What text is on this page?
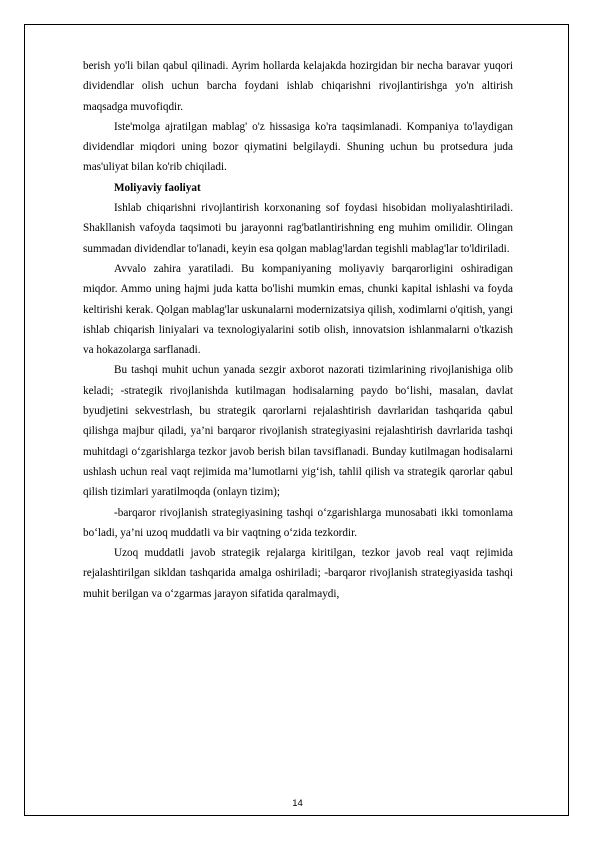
berish yo'li bilan qabul qilinadi. Ayrim hollarda kelajakda hozirgidan bir necha baravar yuqori dividendlar olish uchun barcha foydani ishlab chiqarishni rivojlantirishga yo'n altirish maqsadga muvofiqdir.

Iste'molga ajratilgan mablag' o'z hissasiga ko'ra taqsimlanadi. Kompaniya to'laydigan dividendlar miqdori uning bozor qiymatini belgilaydi. Shuning uchun bu protsedura juda mas'uliyat bilan ko'rib chiqiladi.

Moliyaviy faoliyat

Ishlab chiqarishni rivojlantirish korxonaning sof foydasi hisobidan moliyalashtiriladi. Shakllanish vafoyda taqsimoti bu jarayonni rag'batlantirishning eng muhim omilidir. Olingan summadan dividendlar to'lanadi, keyin esa qolgan mablag'lardan tegishli mablag'lar to'ldiriladi.

Avvalo zahira yaratiladi. Bu kompaniyaning moliyaviy barqarorligini oshiradigan miqdor. Ammo uning hajmi juda katta bo'lishi mumkin emas, chunki kapital ishlashi va foyda keltirishi kerak. Qolgan mablag'lar uskunalarni modernizatsiya qilish, xodimlarni o'qitish, yangi ishlab chiqarish liniyalari va texnologiyalarini sotib olish, innovatsion ishlanmalarni o'tkazish va hokazolarga sarflanadi.

Bu tashqi muhit uchun yanada sezgir axborot nazorati tizimlarining rivojlanishiga olib keladi; -strategik rivojlanishda kutilmagan hodisalarning paydo bo‘lishi, masalan, davlat byudjetini sekvestrlash, bu strategik qarorlarni rejalashtirish davrlaridan tashqarida qabul qilishga majbur qiladi, ya’ni barqaror rivojlanish strategiyasini rejalashtirish davrlarida tashqi muhitdagi o‘zgarishlarga tezkor javob berish bilan tavsiflanadi. Bunday kutilmagan hodisalarni ushlash uchun real vaqt rejimida ma’lumotlarni yig‘ish, tahlil qilish va strategik qarorlar qabul qilish tizimlari yaratilmoqda (onlayn tizim);

-barqaror rivojlanish strategiyasining tashqi o‘zgarishlarga munosabati ikki tomonlama bo‘ladi, ya’ni uzoq muddatli va bir vaqtning o‘zida tezkordir.

Uzoq muddatli javob strategik rejalarga kiritilgan, tezkor javob real vaqt rejimida rejalashtirilgan sikldan tashqarida amalga oshiriladi; -barqaror rivojlanish strategiyasida tashqi muhit berilgan va o‘zgarmas jarayon sifatida qaralmaydi,

14
